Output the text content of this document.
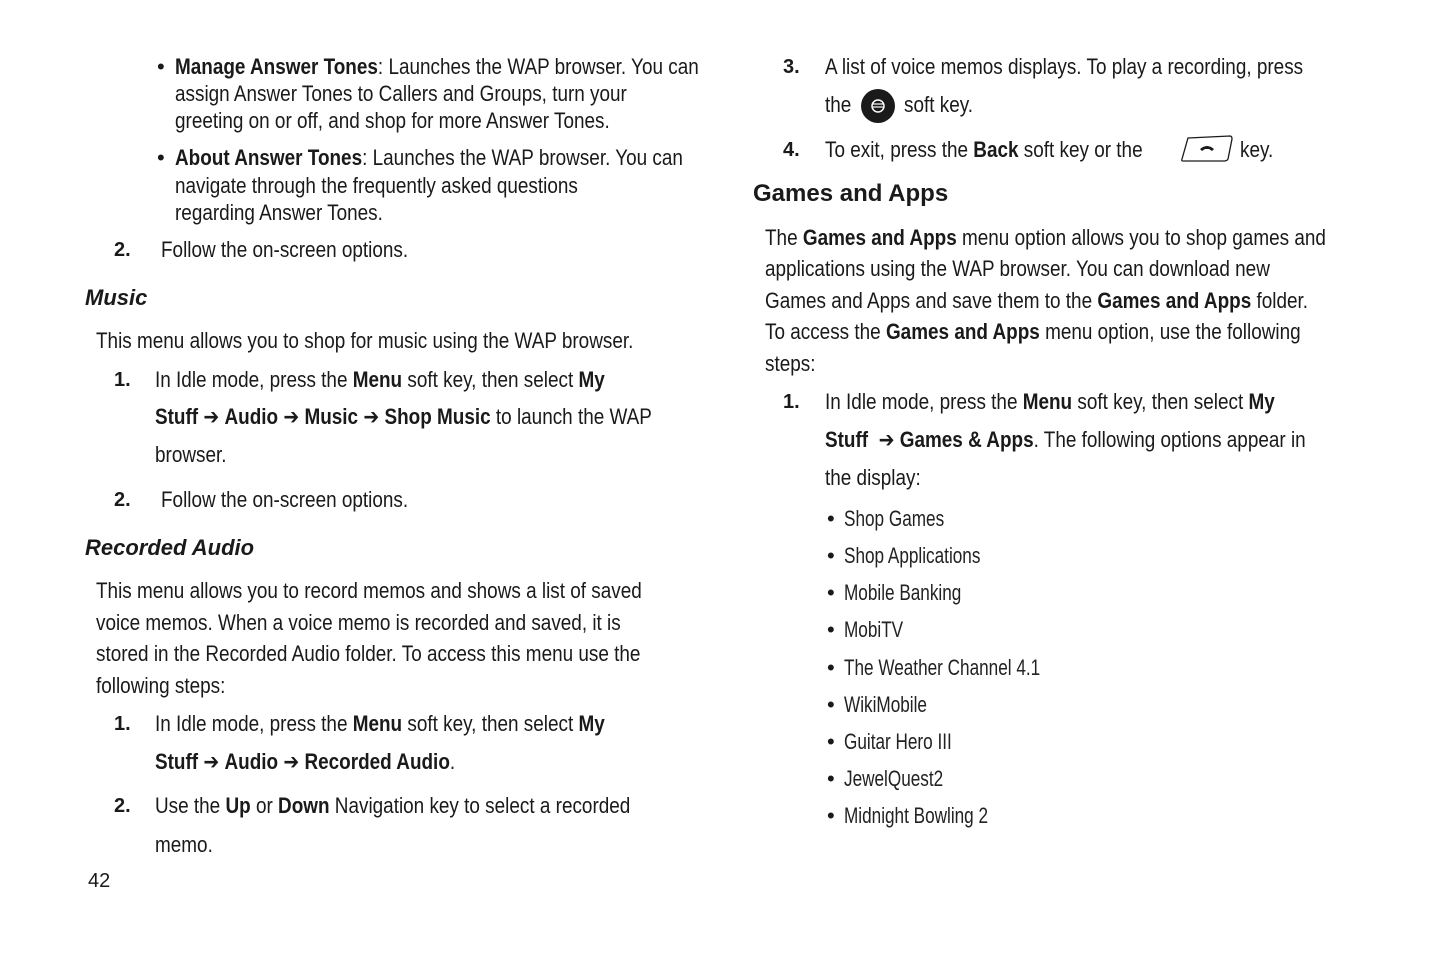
• Manage Answer Tones: Launches the WAP browser. You can
assign Answer Tones to Callers and Groups, turn your
greeting on or off, and shop for more Answer Tones.
• About Answer Tones: Launches the WAP browser. You can
navigate through the frequently asked questions
regarding Answer Tones.
2. Follow the on-screen options.
Music
This menu allows you to shop for music using the WAP browser.
1. In Idle mode, press the Menu soft key, then select My
Stuff ➔ Audio ➔ Music ➔ Shop Music to launch the WAP
browser.
2. Follow the on-screen options.
Recorded Audio
This menu allows you to record memos and shows a list of saved
voice memos. When a voice memo is recorded and saved, it is
stored in the Recorded Audio folder. To access this menu use the
following steps:
1. In Idle mode, press the Menu soft key, then select My
Stuff ➔ Audio ➔ Recorded Audio.
2. Use the Up or Down Navigation key to select a recorded
memo.
42
3. A list of voice memos displays. To play a recording, press
the soft key.
4. To exit, press the Back soft key or the	key.
Games and Apps
The Games and Apps menu option allows you to shop games and
applications using the WAP browser. You can download new
Games and Apps and save them to the Games and Apps folder.
To access the Games and Apps menu option, use the following
steps:
1. In Idle mode, press the Menu soft key, then select My
Stuff ➔ Games & Apps. The following options appear in
the display:
• Shop Games
• Shop Applications
• Mobile Banking
• MobiTV
• The Weather Channel 4.1
• WikiMobile
• Guitar Hero III
• JewelQuest2
• Midnight Bowling 2
